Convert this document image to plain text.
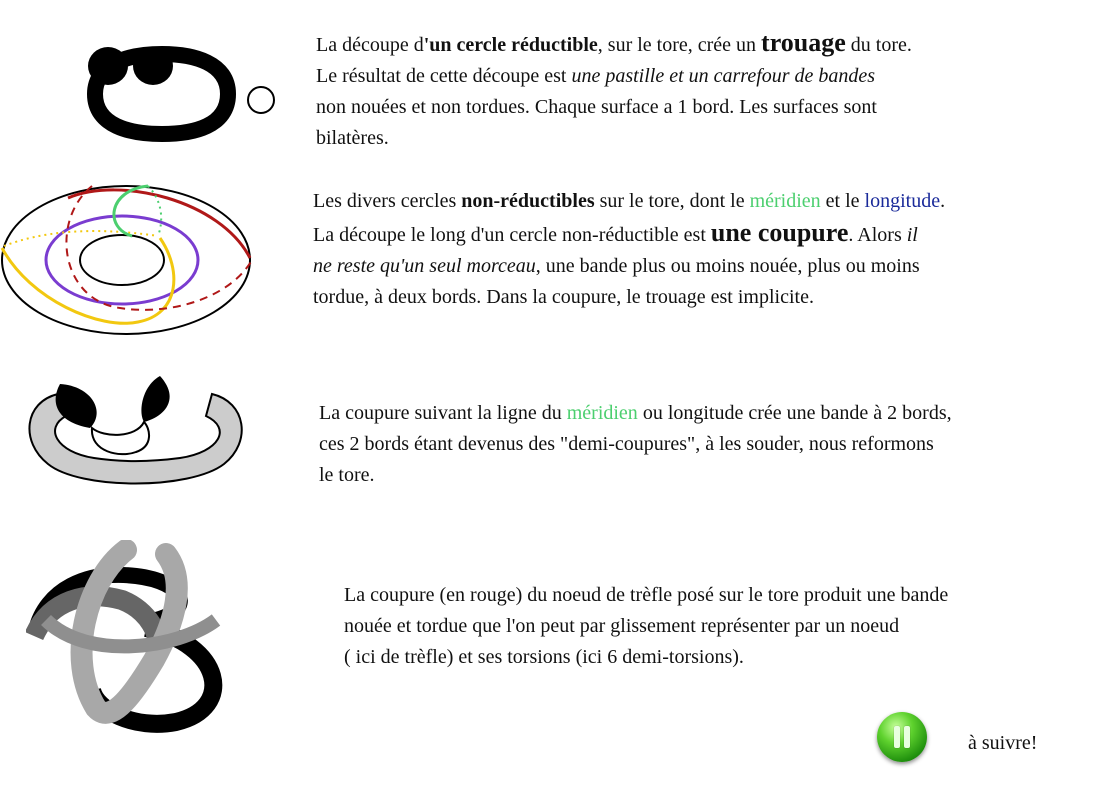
La découpe d'un cercle réductible, sur le tore, crée un trouage du tore.
Le résultat de cette découpe est une pastille et un carrefour de bandes
non nouées et non tordues. Chaque surface a 1 bord. Les surfaces sont
bilatères.

Les divers cercles non-réductibles sur le tore, dont le méridien et le longitude.
La découpe le long d'un cercle non-réductible est une coupure. Alors il
ne reste qu'un seul morceau, une bande plus ou moins nouée, plus ou moins
tordue, à deux bords. Dans la coupure, le trouage est implicite.

La coupure suivant la ligne du méridien ou longitude crée une bande à 2 bords,
ces 2 bords étant devenus des "demi-coupures", à les souder, nous reformons
le tore.

La coupure (en rouge) du noeud de trèfle posé sur le tore produit une bande
nouée et tordue que l'on peut par glissement représenter par un noeud
( ici de trèfle) et ses torsions (ici 6 demi-torsions).

à suivre!
